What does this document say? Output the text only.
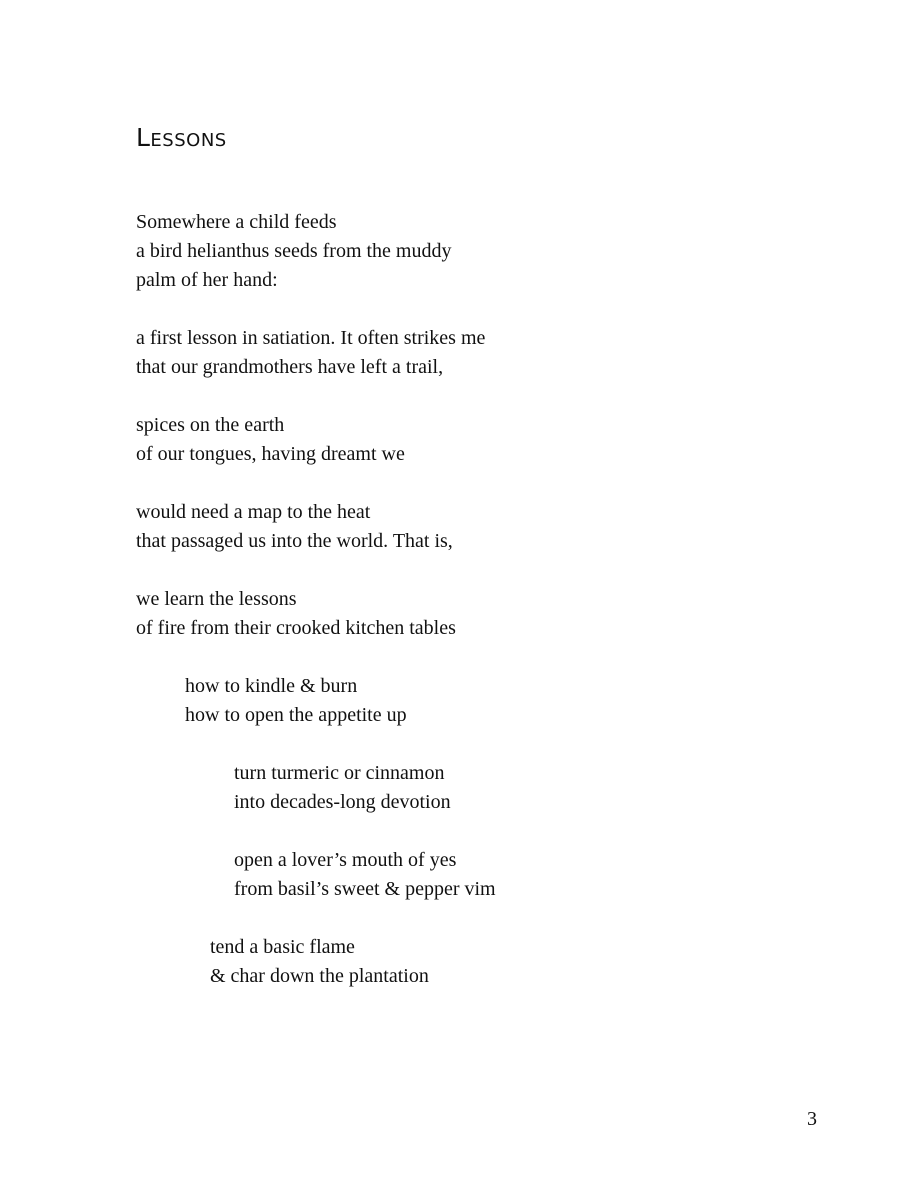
Lessons
Somewhere a child feeds
a bird helianthus seeds from the muddy
palm of her hand:
a first lesson in satiation. It often strikes me
that our grandmothers have left a trail,
spices on the earth
of our tongues, having dreamt we
would need a map to the heat
that passaged us into the world. That is,
we learn the lessons
of fire from their crooked kitchen tables
how to kindle & burn
how to open the appetite up
turn turmeric or cinnamon
into decades-long devotion
open a lover’s mouth of yes
from basil’s sweet & pepper vim
tend a basic flame
& char down the plantation
3
